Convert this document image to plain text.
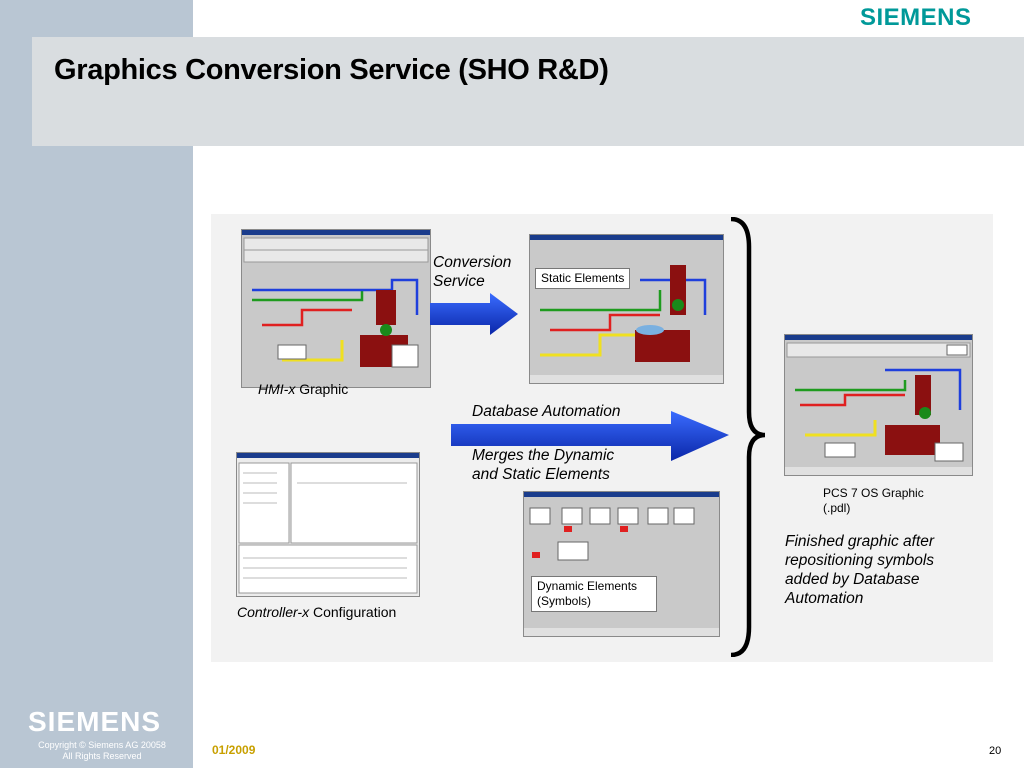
Graphics Conversion Service (SHO R&D)
SIEMENS
HMI-x Graphic
Conversion
Service	Static Elements
Database Automation
Merges the Dynamic
and Static Elements
Controller-x Configuration
Dynamic Elements
(Symbols)
PCS 7 OS Graphic
(.pdl)
Finished graphic after
repositioning symbols
added by Database
Automation
SIEMENS
Copyright © Siemens AG 20058
All Rights Reserved	01/2009	20
